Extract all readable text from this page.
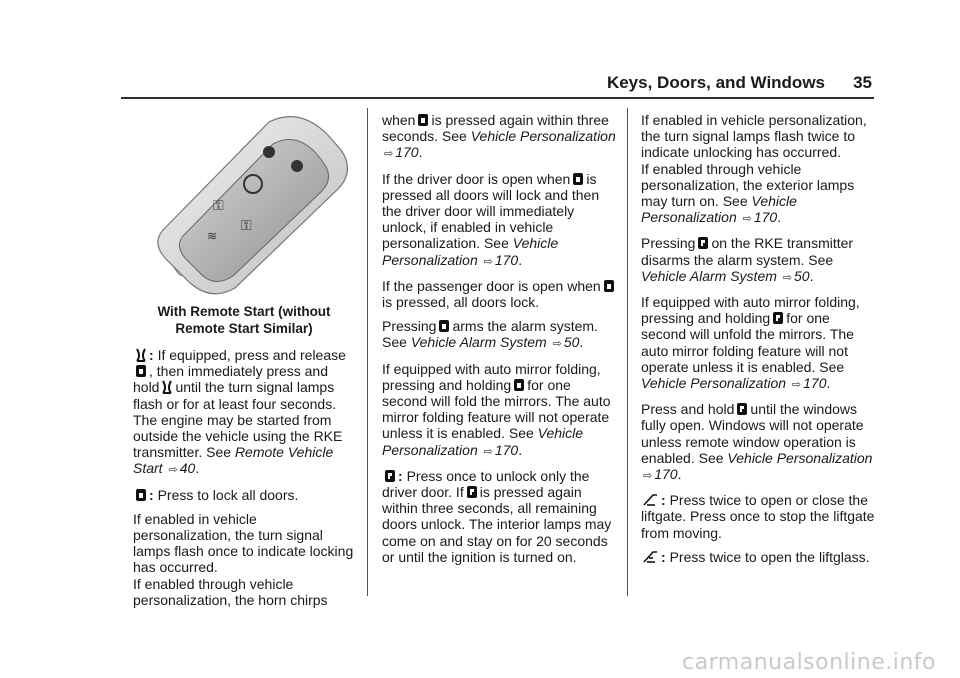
Keys, Doors, and Windows 35
⚿
⚿
≋
With Remote Start (without
Remote Start Similar)

: If equipped, press and release
, then immediately press and hold until the turn signal lamps flash or for at least four seconds. The engine may be started from outside the vehicle using the RKE transmitter. See Remote Vehicle Start ⇨ 40.

: Press to lock all doors.

If enabled in vehicle personalization, the turn signal lamps flash once to indicate locking has occurred.
If enabled through vehicle personalization, the horn chirps

when is pressed again within three seconds. See Vehicle Personalization ⇨ 170.

If the driver door is open when is pressed all doors will lock and then the driver door will immediately unlock, if enabled in vehicle personalization. See Vehicle Personalization ⇨ 170.

If the passenger door is open when
is pressed, all doors lock.

Pressing arms the alarm system. See Vehicle Alarm System ⇨ 50.

If equipped with auto mirror folding, pressing and holding for one second will fold the mirrors. The auto mirror folding feature will not operate unless it is enabled. See Vehicle Personalization ⇨ 170.

: Press once to unlock only the driver door. If is pressed again within three seconds, all remaining doors unlock. The interior lamps may come on and stay on for 20 seconds or until the ignition is turned on.

If enabled in vehicle personalization, the turn signal lamps flash twice to indicate unlocking has occurred.

If enabled through vehicle personalization, the exterior lamps may turn on. See Vehicle Personalization ⇨ 170.

Pressing on the RKE transmitter disarms the alarm system. See Vehicle Alarm System ⇨ 50.

If equipped with auto mirror folding, pressing and holding for one second will unfold the mirrors. The auto mirror folding feature will not operate unless it is enabled. See Vehicle Personalization ⇨ 170.

Press and hold until the windows fully open. Windows will not operate unless remote window operation is enabled. See Vehicle Personalization ⇨ 170.

: Press twice to open or close the liftgate. Press once to stop the liftgate from moving.

: Press twice to open the liftglass.

carmanualsonline.info
